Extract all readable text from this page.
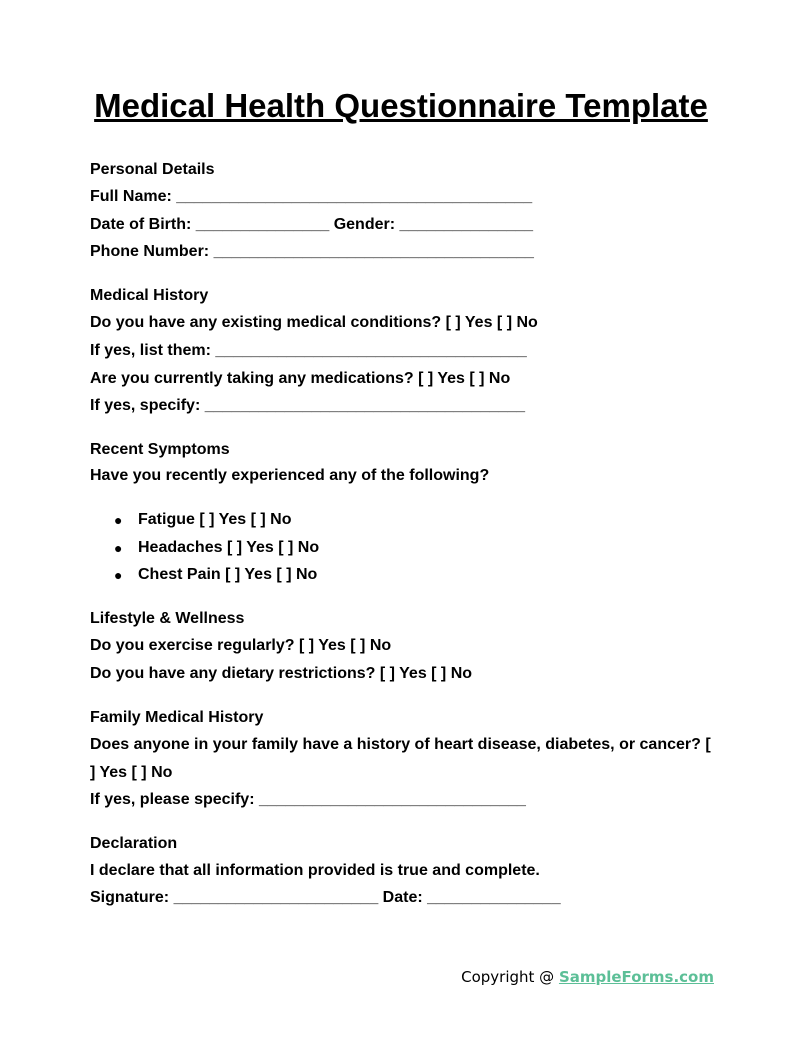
Medical Health Questionnaire Template
Personal Details
Full Name: ________________________________________
Date of Birth: _______________ Gender: _______________
Phone Number: ____________________________________
Medical History
Do you have any existing medical conditions? [ ] Yes [ ] No
If yes, list them: ___________________________________
Are you currently taking any medications? [ ] Yes [ ] No
If yes, specify: ____________________________________
Recent Symptoms
Have you recently experienced any of the following?
● Fatigue [ ] Yes [ ] No
● Headaches [ ] Yes [ ] No
● Chest Pain [ ] Yes [ ] No
Lifestyle & Wellness
Do you exercise regularly? [ ] Yes [ ] No
Do you have any dietary restrictions? [ ] Yes [ ] No
Family Medical History
Does anyone in your family have a history of heart disease, diabetes, or cancer? [
] Yes [ ] No
If yes, please specify: ______________________________
Declaration
I declare that all information provided is true and complete.
Signature: _______________________ Date: _______________
Copyright @ SampleForms.com
